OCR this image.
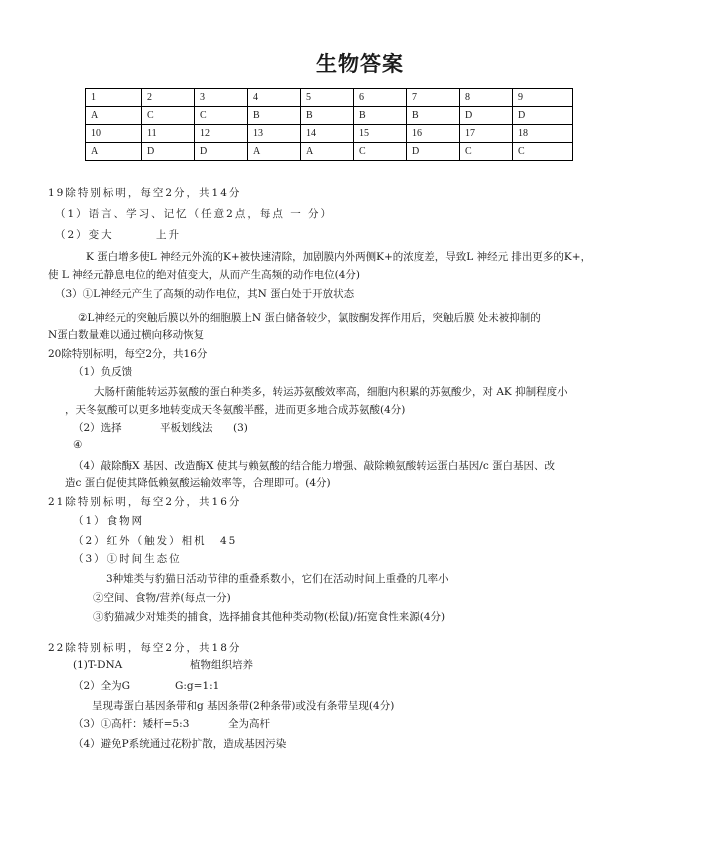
生物答案
1	2	3	4	5	6	7	8	9
A	C	C	B	B	B	B	D	D
10	11	12	13	14	15	16	17	18
A	D	D	A	A	C	D	C	C
19除特别标明，每空2分，共14分
（1）语言、学习、记忆（任意2点，每点 一 分）
（2）变大	上升
K 蛋白增多使L 神经元外流的K+被快速清除，加剧膜内外两侧K+的浓度差，导致L 神经元 排出更多的K+，
使 L 神经元静息电位的绝对值变大，从而产生高频的动作电位(4分)
（3）①L神经元产生了高频的动作电位，其N 蛋白处于开放状态
②L神经元的突触后膜以外的细胞膜上N 蛋白储备较少，氯胺酮发挥作用后，突触后膜 处未被抑制的
N蛋白数量难以通过横向移动恢复
20除特别标明，每空2分，共16分
（1）负反馈
大肠杆菌能转运苏氨酸的蛋白种类多，转运苏氨酸效率高，细胞内积累的苏氨酸少，对 AK 抑制程度小
，天冬氨酸可以更多地转变成天冬氨酸半醛，进而更多地合成苏氨酸(4分)
（2）选择	平板划线法 (3)
④
（4）敲除酶X 基因、改造酶X 使其与赖氨酸的结合能力增强、敲除赖氨酸转运蛋白基因/c 蛋白基因、改
造c 蛋白促使其降低赖氨酸运输效率等，合理即可。(4分)
21除特别标明，每空2分，共16分
（1）食物网
（2）红外（触发）相机 45
（3）①时间生态位
3种雉类与豹猫日活动节律的重叠系数小，它们在活动时间上重叠的几率小
②空间、食物/营养(每点一分)
③豹猫减少对雉类的捕食，选择捕食其他种类动物(松鼠)/拓宽食性来源(4分)
22除特别标明，每空2分，共18分
(1)T-DNA	植物组织培养
（2）全为G	G:g=1:1
呈现毒蛋白基因条带和g 基因条带(2种条带)或没有条带呈现(4分)
（3）①高杆：矮杆=5:3	全为高杆
（4）避免P系统通过花粉扩散，造成基因污染
